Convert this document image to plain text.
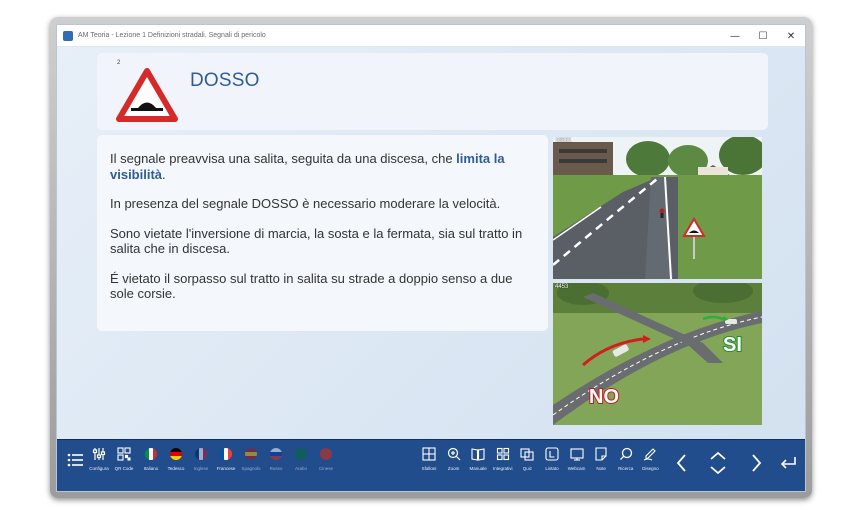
AM Teoria - Lezione 1 Definizioni stradali. Segnali di pericolo	—	☐	✕
2
DOSSO

Il segnale preavvisa una salita, seguita da una discesa, che limita la visibilità.

In presenza del segnale DOSSO è necessario moderare la velocità.

Sono vietate l'inversione di marcia, la sosta e la fermata, sia sul tratto in salita che in discesa.

É vietato il sorpasso sul tratto in salita su strade a doppio senso a due sole corsie.

10531
NO
SI
4453
Configura QR Code Italiano Tedesco Inglese Francese Spagnolo Russo	Arabo	Cinese	Sfalloni	Zoom Manuale Integrativi Quiz	Listato Webcam Note	Ricerca Disegno
